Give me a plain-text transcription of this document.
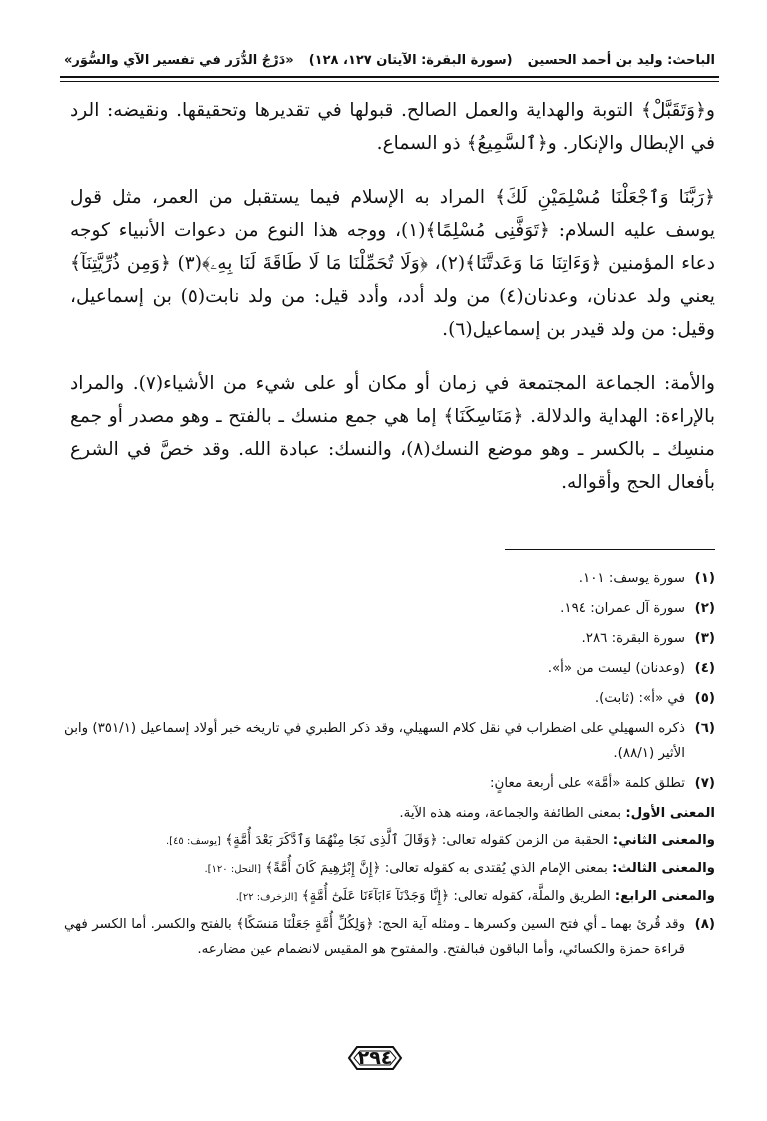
الباحث: وليد بن أحمد الحسين
(سورة البقرة: الآيتان ١٢٧، ١٢٨)
«دَرْجُ الدُّرَر في تفسير الآي والسُّوَر»

و﴿وَتَقَبَّلْ﴾ التوبة والهداية والعمل الصالح. قبولها في تقديرها وتحقيقها. ونقيضه: الرد في الإبطال والإنكار. و﴿ٱلسَّمِيعُ﴾ ذو السماع.

﴿رَبَّنَا وَٱجْعَلْنَا مُسْلِمَيْنِ لَكَ﴾ المراد به الإسلام فيما يستقبل من العمر، مثل قول يوسف عليه السلام: ﴿تَوَفَّنِى مُسْلِمًا﴾(١)، ووجه هذا النوع من دعوات الأنبياء كوجه دعاء المؤمنين ﴿وَءَاتِنَا مَا وَعَدتَّنَا﴾(٢)، ﴿وَلَا تُحَمِّلْنَا مَا لَا طَاقَةَ لَنَا بِهِۦ﴾(٣) ﴿وَمِن ذُرِّيَّتِنَآ﴾ يعني ولد عدنان، وعدنان(٤) من ولد أدد، وأدد قيل: من ولد نابت(٥) بن إسماعيل، وقيل: من ولد قيدر بن إسماعيل(٦).

والأمة: الجماعة المجتمعة في زمان أو مكان أو على شيء من الأشياء(٧). والمراد بالإراءة: الهداية والدلالة. ﴿مَنَاسِكَنَا﴾ إما هي جمع منسك ـ بالفتح ـ وهو مصدر أو جمع منسِك ـ بالكسر ـ وهو موضع النسك(٨)، والنسك: عبادة الله. وقد خصَّ في الشرع بأفعال الحج وأقواله.

(١)
سورة يوسف: ١٠١.
(٢)
سورة آل عمران: ١٩٤.
(٣)
سورة البقرة: ٢٨٦.
(٤)
(وعدنان) ليست من «أ».
(٥)
في «أ»: (ثابت).
(٦)
ذكره السهيلي على اضطراب في نقل كلام السهيلي، وقد ذكر الطبري في تاريخه خبر أولاد إسماعيل (٣٥١/١) وابن الأثير (٨٨/١).
(٧)
تطلق كلمة «أمَّة» على أربعة معانٍ:
المعنى الأول: بمعنى الطائفة والجماعة، ومنه هذه الآية.
والمعنى الثاني: الحقبة من الزمن كقوله تعالى: ﴿وَقَالَ ٱلَّذِى نَجَا مِنْهُمَا وَٱدَّكَرَ بَعْدَ أُمَّةٍ﴾ [يوسف: ٤٥].
والمعنى الثالث: بمعنى الإمام الذي يُقتدى به كقوله تعالى: ﴿إِنَّ إِبْرَٰهِيمَ كَانَ أُمَّةً﴾ [النحل: ١٢٠].
والمعنى الرابع: الطريق والملَّة، كقوله تعالى: ﴿إِنَّا وَجَدْنَآ ءَابَآءَنَا عَلَىٰٓ أُمَّةٍ﴾ [الزخرف: ٢٢].
(٨)
وقد قُرئ بهما ـ أي فتح السين وكسرها ـ ومثله آية الحج: ﴿وَلِكُلِّ أُمَّةٍ جَعَلْنَا مَنسَكًا﴾ بالفتح والكسر. أما الكسر فهي قراءة حمزة والكسائي، وأما الباقون فبالفتح. والمفتوح هو المقيس لانضمام عين مضارعه.
٢٩٤
